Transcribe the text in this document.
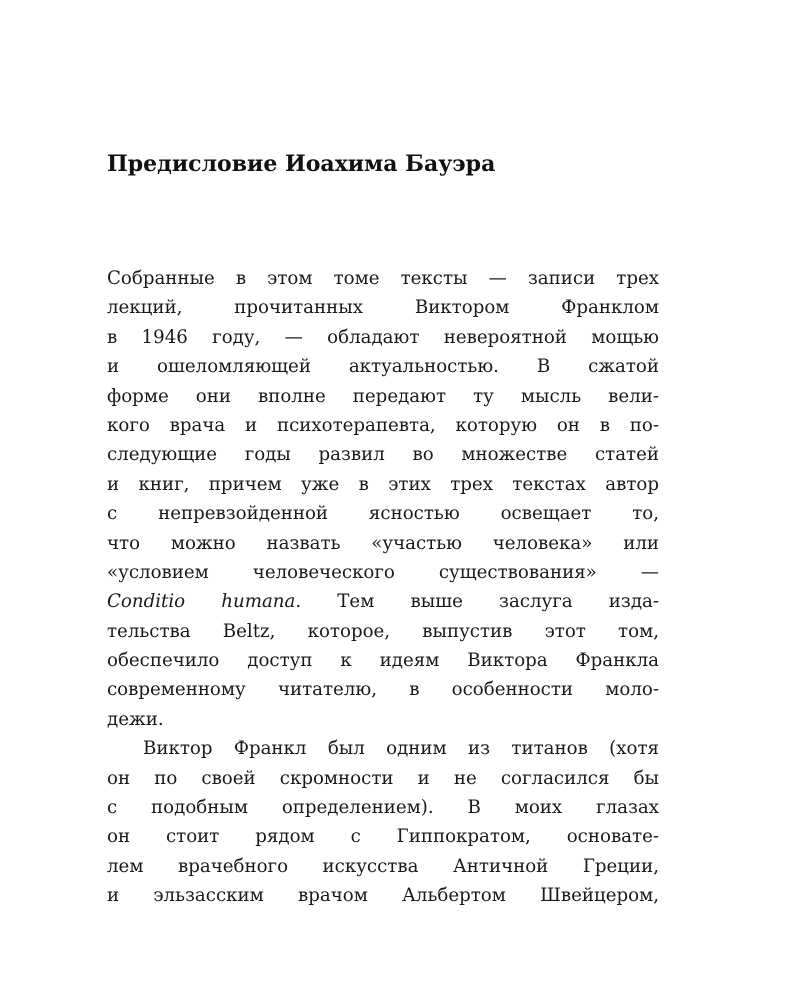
Предисловие Иоахима Бауэра
Собранные в этом томе тексты — записи трех
лекций, прочитанных Виктором Франклом
в 1946 году, — обладают невероятной мощью
и ошеломляющей актуальностью. В сжатой
форме они вполне передают ту мысль вели-
кого врача и психотерапевта, которую он в по-
следующие годы развил во множестве статей
и книг, причем уже в этих трех текстах автор
с непревзойденной ясностью освещает то,
что можно назвать «участью человека» или
«условием человеческого существования» —
Conditio humana. Тем выше заслуга изда-
тельства Beltz, которое, выпустив этот том,
обеспечило доступ к идеям Виктора Франкла
современному читателю, в особенности моло-
дежи.
Виктор Франкл был одним из титанов (хотя
он по своей скромности и не согласился бы
с подобным определением). В моих глазах
он стоит рядом с Гиппократом, основате-
лем врачебного искусства Античной Греции,
и эльзасским врачом Альбертом Швейцером,
